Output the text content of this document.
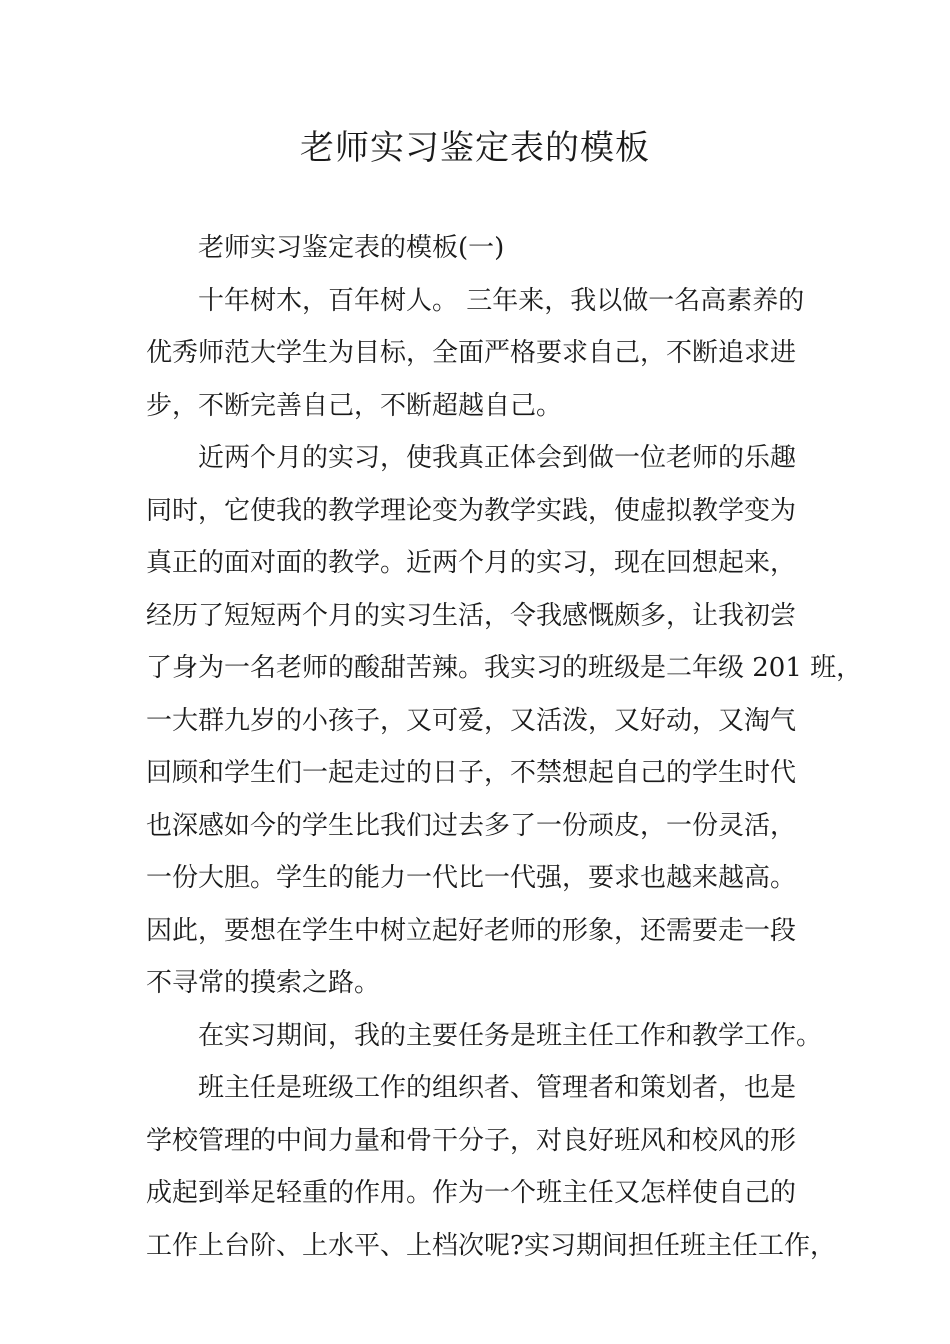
老师实习鉴定表的模板

老师实习鉴定表的模板(一)

十年树木，百年树人。 三年来，我以做一名高素养的
优秀师范大学生为目标，全面严格要求自己，不断追求进
步，不断完善自己，不断超越自己。

近两个月的实习，使我真正体会到做一位老师的乐趣
同时，它使我的教学理论变为教学实践，使虚拟教学变为
真正的面对面的教学。近两个月的实习，现在回想起来，
经历了短短两个月的实习生活，令我感慨颇多，让我初尝
了身为一名老师的酸甜苦辣。我实习的班级是二年级 201 班，
一大群九岁的小孩子，又可爱，又活泼，又好动，又淘气
回顾和学生们一起走过的日子，不禁想起自己的学生时代
也深感如今的学生比我们过去多了一份顽皮，一份灵活，
一份大胆。学生的能力一代比一代强，要求也越来越高。
因此，要想在学生中树立起好老师的形象，还需要走一段
不寻常的摸索之路。

在实习期间，我的主要任务是班主任工作和教学工作。

班主任是班级工作的组织者、管理者和策划者，也是
学校管理的中间力量和骨干分子，对良好班风和校风的形
成起到举足轻重的作用。作为一个班主任又怎样使自己的
工作上台阶、上水平、上档次呢?实习期间担任班主任工作，
